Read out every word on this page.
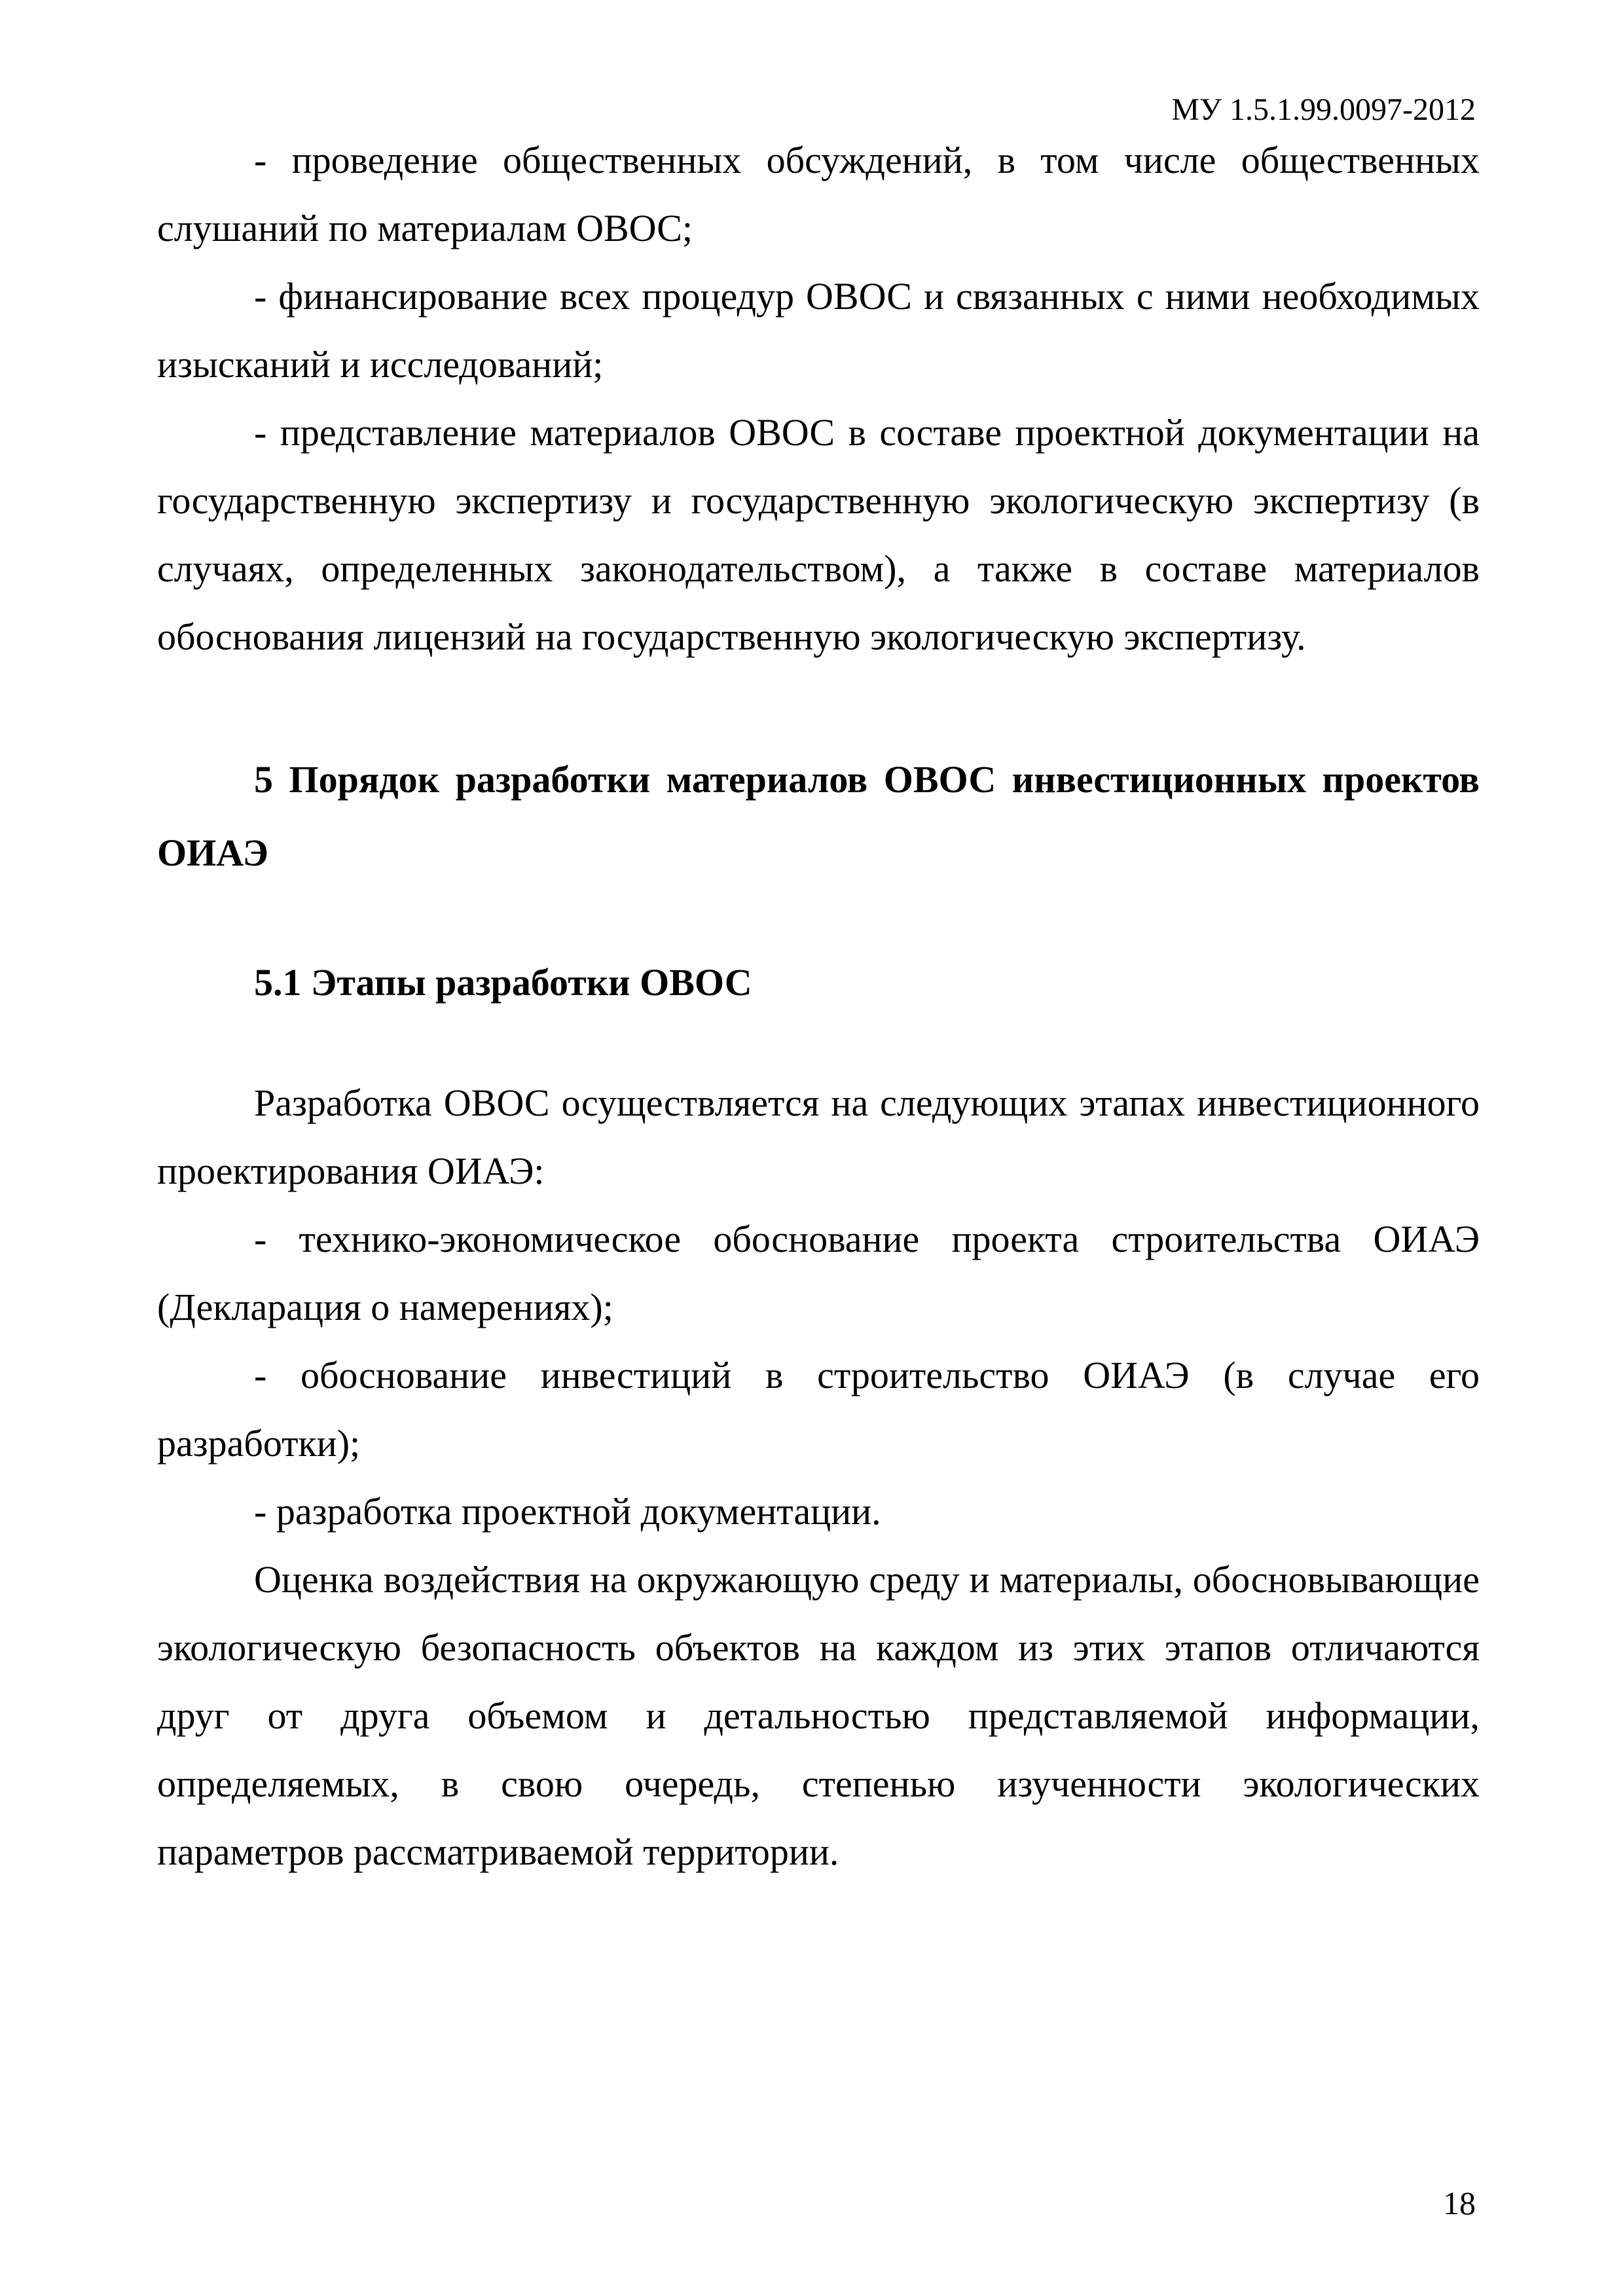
МУ 1.5.1.99.0097-2012

- проведение общественных обсуждений, в том числе общественных слушаний по материалам ОВОС;

- финансирование всех процедур ОВОС и связанных с ними необходимых изысканий и исследований;

- представление материалов ОВОС в составе проектной документации на государственную экспертизу и государственную экологическую экспертизу (в случаях, определенных законодательством), а также в составе материалов обоснования лицензий на государственную экологическую экспертизу.

5 Порядок разработки материалов ОВОС инвестиционных проектов ОИАЭ

5.1 Этапы разработки ОВОС

Разработка ОВОС осуществляется на следующих этапах инвестиционного проектирования ОИАЭ:

- технико-экономическое обоснование проекта строительства ОИАЭ (Декларация о намерениях);

- обоснование инвестиций в строительство ОИАЭ (в случае его разработки);

- разработка проектной документации.

Оценка воздействия на окружающую среду и материалы, обосновывающие экологическую безопасность объектов на каждом из этих этапов отличаются друг от друга объемом и детальностью представляемой информации, определяемых, в свою очередь, степенью изученности экологических параметров рассматриваемой территории.

18
